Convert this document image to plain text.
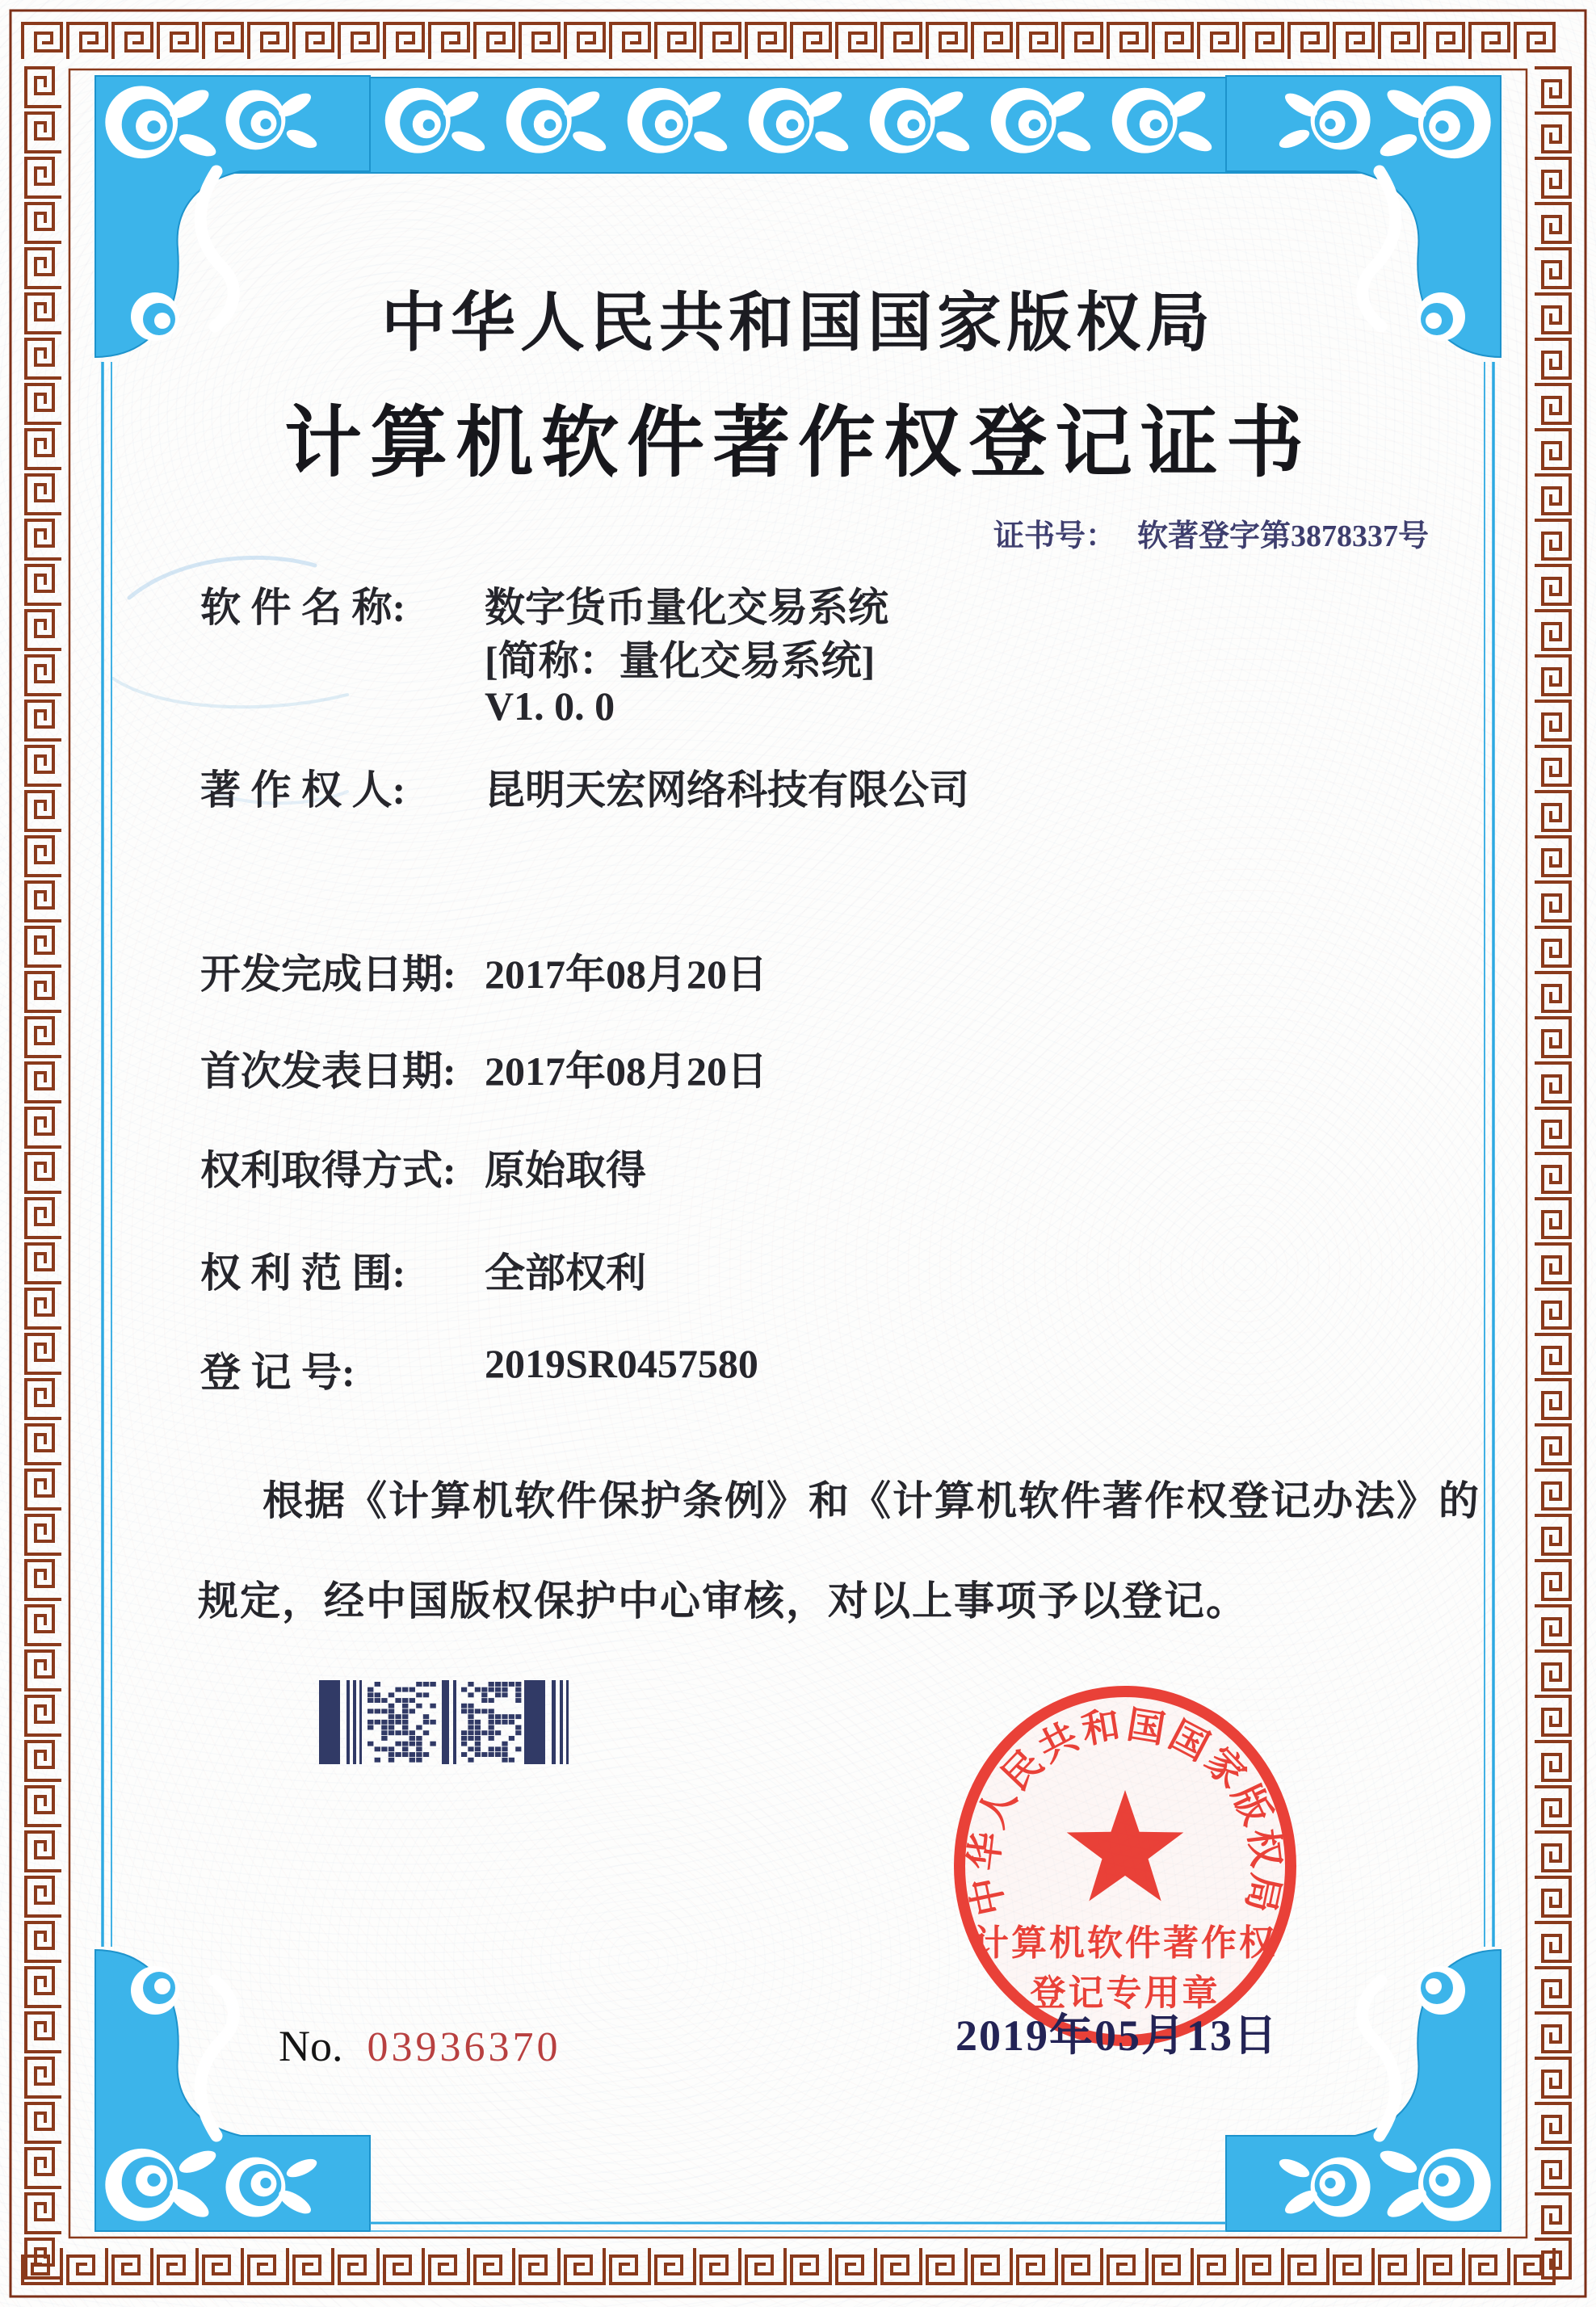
中华人民共和国国家版权局
计算机软件著作权
登记专用章
2019年05月13日
中华人民共和国国家版权局
计算机软件著作权登记证书
证书号： 软著登字第3878337号
软 件 名 称: 数字货币量化交易系统
[简称：量化交易系统]
V1. 0. 0
著 作 权 人: 昆明天宏网络科技有限公司
开发完成日期: 2017年08月20日
首次发表日期: 2017年08月20日
权利取得方式: 原始取得
权 利 范 围: 全部权利
登 记 号:	2019SR0457580
根据《计算机软件保护条例》和《计算机软件著作权登记办法》的
规定，经中国版权保护中心审核，对以上事项予以登记。
No. 03936370
